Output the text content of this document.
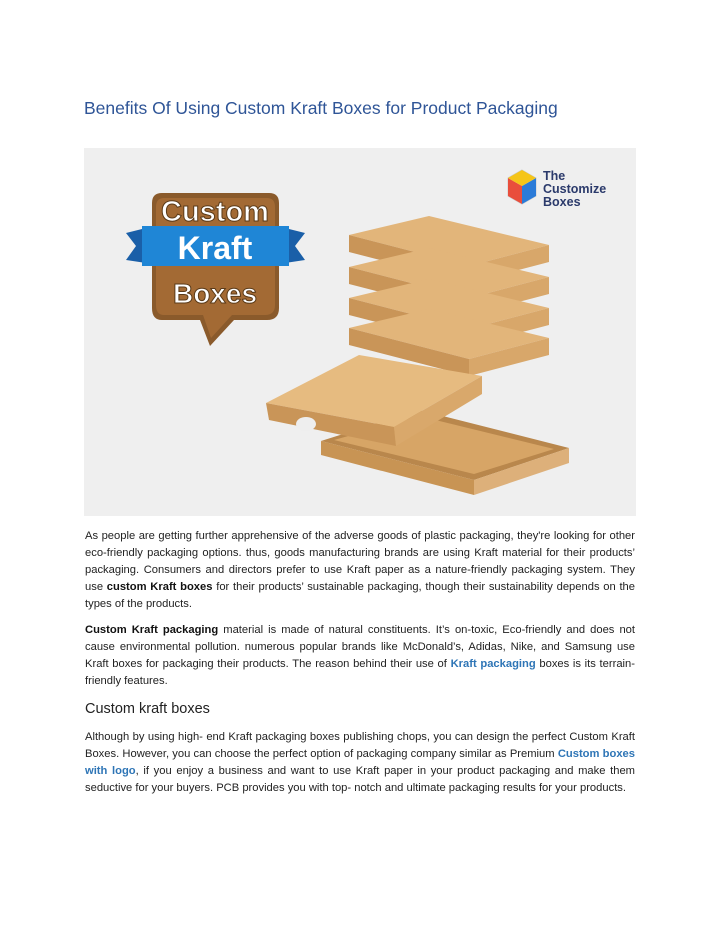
Benefits Of Using Custom Kraft Boxes for Product Packaging
Custom
Kraft
Boxes
The
Customize
Boxes

As people are getting further apprehensive of the adverse goods of plastic packaging, they're looking for other eco-friendly packaging options. thus, goods manufacturing brands are using Kraft material for their products’ packaging. Consumers and directors prefer to use Kraft paper as a nature-friendly packaging system. They use custom Kraft boxes for their products’ sustainable packaging, though their sustainability depends on the types of the products.

Custom Kraft packaging material is made of natural constituents. It’s on-toxic, Eco-friendly and does not cause environmental pollution. numerous popular brands like McDonald’s, Adidas, Nike, and Samsung use Kraft boxes for packaging their products. The reason behind their use of Kraft packaging boxes is its terrain-friendly features.

Custom kraft boxes

Although by using high- end Kraft packaging boxes publishing chops, you can design the perfect Custom Kraft Boxes. However, you can choose the perfect option of packaging company similar as Premium Custom boxes with logo, if you enjoy a business and want to use Kraft paper in your product packaging and make them seductive for your buyers. PCB provides you with top- notch and ultimate packaging results for your products.
